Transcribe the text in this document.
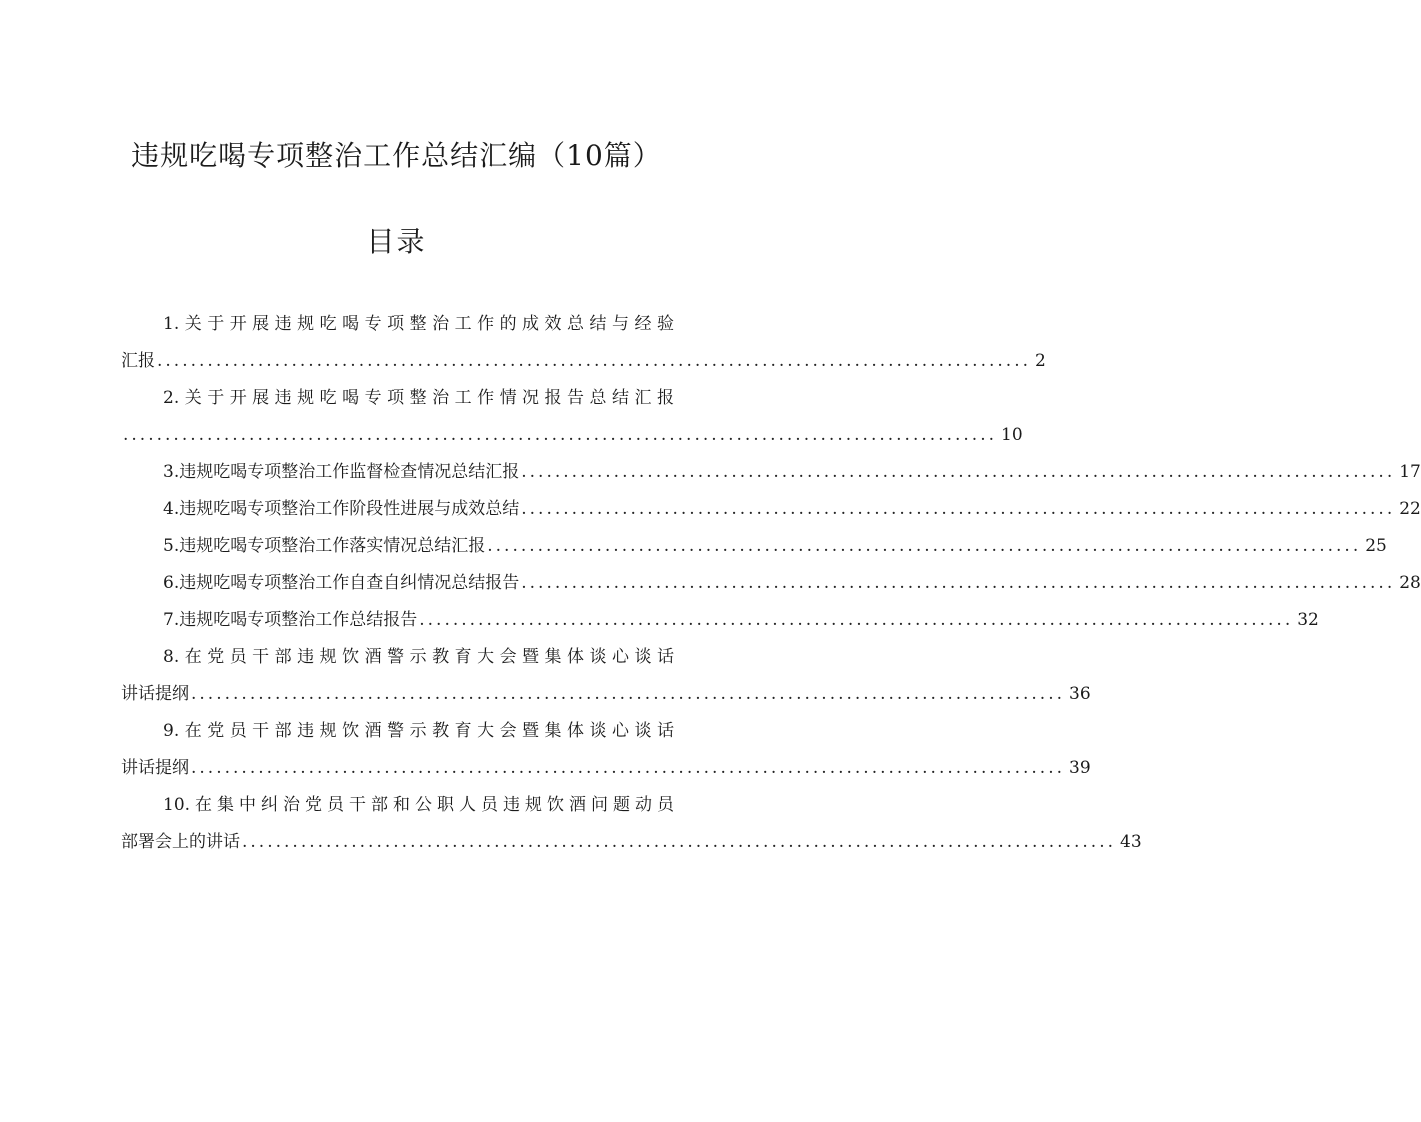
违规吃喝专项整治工作总结汇编（10篇）
目录
1.关于开展违规吃喝专项整治工作的成效总结与经验
汇报 ........................................................................................................ 2
2.关于开展违规吃喝专项整治工作情况报告总结汇报
........................................................................................................ 10
3.违规吃喝专项整治工作监督检查情况总结汇报 ........................................................................................................ 17
4.违规吃喝专项整治工作阶段性进展与成效总结 ........................................................................................................ 22
5.违规吃喝专项整治工作落实情况总结汇报 ........................................................................................................ 25
6.违规吃喝专项整治工作自查自纠情况总结报告 ........................................................................................................ 28
7.违规吃喝专项整治工作总结报告 ........................................................................................................ 32
8.在党员干部违规饮酒警示教育大会暨集体谈心谈话
讲话提纲 ........................................................................................................ 36
9.在党员干部违规饮酒警示教育大会暨集体谈心谈话
讲话提纲 ........................................................................................................ 39
10.在集中纠治党员干部和公职人员违规饮酒问题动员
部署会上的讲话 ........................................................................................................ 43
